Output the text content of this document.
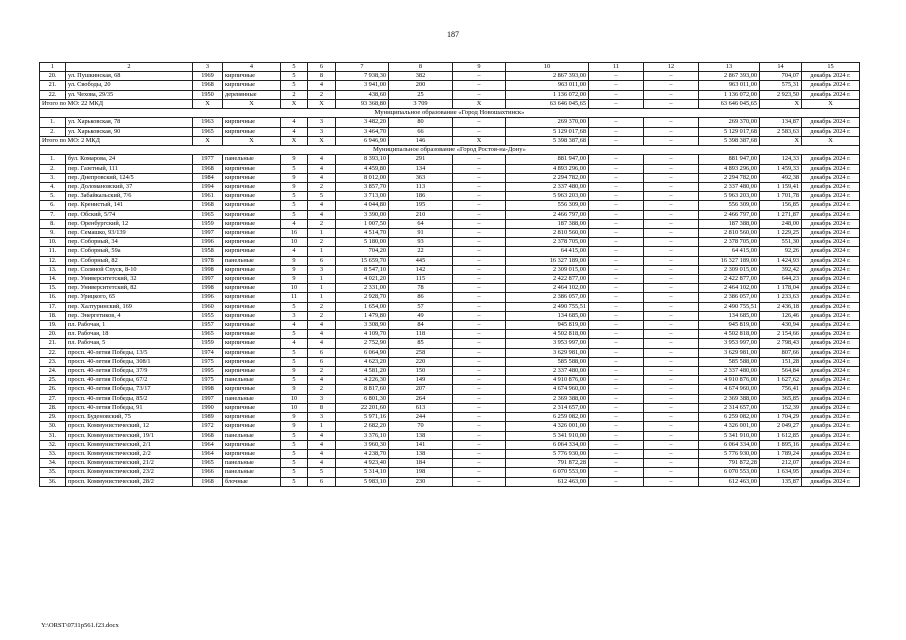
187
1	2	3	4	5	6	7	8	9	10	11	12	13	14	15
20.	ул. Пушкинская, 68	1969	кирпичные	5	8	7 938,30	382	–	2 867 393,00	–	–	2 867 393,00	704,07	декабрь 2024 г.
21.	ул. Свободы, 20	1968	кирпичные	5	4	3 941,00	200	–	963 011,00	–	–	963 011,00	575,31	декабрь 2024 г.
22.	ул. Чехова, 29/35	1950	деревянные	2	2	438,60	25	–	1 136 072,00	–	–	1 136 072,00	2 923,50	декабрь 2024 г.
Итого по МО: 22 МКД		X	X	X	X	93 368,80	3 709	X	63 646 045,65	–	–	63 646 045,65	X	X
Муниципальное образование «Город Новошахтинск»														
1.	ул. Харьковская, 78	1963	кирпичные	4	3	3 482,20	80	–	269 370,00	–	–	269 370,00	134,87	декабрь 2024 г.
2.	ул. Харьковская, 90	1965	кирпичные	4	3	3 464,70	66	–	5 129 017,68	–	–	5 129 017,68	2 583,63	декабрь 2024 г.
Итого по МО: 2 МКД		X	X	X	X	6 946,90	146	X	5 398 387,68	–	–	5 398 387,68	X	X
Муниципальное образование «Город Ростов-на-Дону»														
1.	бул. Комарова, 24	1977	панельные	9	4	8 393,10	291	–	881 947,00	–	–	881 947,00	124,33	декабрь 2024 г.
2.	пер. Газетный, 111	1968	кирпичные	5	4	4 459,80	134	–	4 893 296,00	–	–	4 893 296,00	1 459,33	декабрь 2024 г.
3.	пер. Днепровский, 124/5	1984	кирпичные	9	4	8 012,00	363	–	2 294 782,00	–	–	2 294 782,00	492,38	декабрь 2024 г.
4.	пер. Доломановский, 37	1994	кирпичные	9	2	3 857,70	113	–	2 337 480,00	–	–	2 337 480,00	1 159,41	декабрь 2024 г.
5.	пер. Забайкальский, 7/6	1961	кирпичные	5	5	3 713,00	186	–	5 963 203,00	–	–	5 963 203,00	1 701,78	декабрь 2024 г.
6.	пер. Кренистый, 141	1968	кирпичные	5	4	4 044,80	195	–	556 309,00	–	–	556 309,00	156,85	декабрь 2024 г.
7.	пер. Обский, 5/74	1965	кирпичные	5	4	3 390,00	210	–	2 466 797,00	–	–	2 466 797,00	1 271,87	декабрь 2024 г.
8.	пер. Оренбургский, 12	1959	кирпичные	4	2	1 007,50	64	–	187 388,00	–	–	187 388,00	248,00	декабрь 2024 г.
9.	пер. Семашко, 93/139	1997	кирпичные	16	1	4 514,70	91	–	2 810 560,00	–	–	2 810 560,00	1 229,25	декабрь 2024 г.
10.	пер. Соборный, 34	1996	кирпичные	10	2	5 180,00	93	–	2 378 705,00	–	–	2 378 705,00	551,30	декабрь 2024 г.
11.	пер. Соборный, 59а	1958	кирпичные	4	1	704,20	22	–	64 415,00	–	–	64 415,00	92,26	декабрь 2024 г.
12.	пер. Соборный, 82	1978	панельные	9	6	15 659,70	445	–	16 327 189,00	–	–	16 327 189,00	1 424,93	декабрь 2024 г.
13.	пер. Соляной Спуск, 8-10	1998	кирпичные	9	3	8 547,10	142	–	2 309 015,00	–	–	2 309 015,00	392,42	декабрь 2024 г.
14.	пер. Университетский, 32	1997	кирпичные	9	1	4 021,20	115	–	2 422 877,00	–	–	2 422 877,00	644,23	декабрь 2024 г.
15.	пер. Университетский, 82	1998	кирпичные	10	1	2 331,00	78	–	2 464 102,00	–	–	2 464 102,00	1 178,04	декабрь 2024 г.
16.	пер. Урицкого, 65	1996	кирпичные	11	1	2 928,70	86	–	2 386 057,00	–	–	2 386 057,00	1 233,63	декабрь 2024 г.
17.	пер. Халтуринский, 169	1960	кирпичные	5	2	1 654,00	57	–	2 490 755,51	–	–	2 490 755,51	2 436,18	декабрь 2024 г.
18.	пер. Энергетиков, 4	1955	кирпичные	3	2	1 479,80	49	–	134 685,00	–	–	134 685,00	126,46	декабрь 2024 г.
19.	пл. Рабочая, 1	1957	кирпичные	4	4	3 308,90	84	–	945 819,00	–	–	945 819,00	430,94	декабрь 2024 г.
20.	пл. Рабочая, 18	1965	кирпичные	5	4	4 109,70	118	–	4 502 818,00	–	–	4 502 818,00	2 154,66	декабрь 2024 г.
21.	пл. Рабочая, 5	1959	кирпичные	4	4	2 752,90	85	–	3 953 997,00	–	–	3 953 997,00	2 798,43	декабрь 2024 г.
22.	просп. 40-летия Победы, 13/5	1974	кирпичные	5	6	6 064,90	258	–	3 629 981,00	–	–	3 629 981,00	807,66	декабрь 2024 г.
23.	просп. 40-летия Победы, 308/1	1975	кирпичные	5	6	4 623,20	220	–	585 588,00	–	–	585 588,00	151,28	декабрь 2024 г.
24.	просп. 40-летия Победы, 37/9	1995	кирпичные	9	2	4 581,20	150	–	2 337 480,00	–	–	2 337 480,00	564,84	декабрь 2024 г.
25.	просп. 40-летия Победы, 67/2	1975	панельные	5	4	4 226,30	149	–	4 910 876,00	–	–	4 910 876,00	1 627,62	декабрь 2024 г.
26.	просп. 40-летия Победы, 73/17	1998	кирпичные	9	2	8 817,60	207	–	4 674 960,00	–	–	4 674 960,00	756,41	декабрь 2024 г.
27.	просп. 40-летия Победы, 85/2	1997	панельные	10	3	6 801,30	264	–	2 369 388,00	–	–	2 369 388,00	365,85	декабрь 2024 г.
28.	просп. 40-летия Победы, 91	1990	кирпичные	10	8	22 201,60	613	–	2 314 657,00	–	–	2 314 657,00	152,39	декабрь 2024 г.
29.	просп. Буденовский, 75	1989	кирпичные	9	3	5 971,16	244	–	6 259 082,00	–	–	6 259 082,00	1 704,29	декабрь 2024 г.
30.	просп. Коммунистический, 12	1972	кирпичные	9	1	2 682,20	70	–	4 326 001,00	–	–	4 326 001,00	2 049,27	декабрь 2024 г.
31.	просп. Коммунистический, 19/1	1968	панельные	5	4	3 376,10	138	–	5 341 910,00	–	–	5 341 910,00	1 612,85	декабрь 2024 г.
32.	просп. Коммунистический, 2/1	1964	кирпичные	5	4	3 960,30	141	–	6 064 334,00	–	–	6 064 334,00	1 895,16	декабрь 2024 г.
33.	просп. Коммунистический, 2/2	1964	кирпичные	5	4	4 238,70	138	–	5 776 930,00	–	–	5 776 930,00	1 789,24	декабрь 2024 г.
34.	просп. Коммунистический, 21/2	1965	панельные	5	4	4 923,40	184	–	791 872,28	–	–	791 872,28	212,07	декабрь 2024 г.
35.	просп. Коммунистический, 23/2	1966	панельные	5	5	5 314,10	198	–	6 070 553,00	–	–	6 070 553,00	1 634,95	декабрь 2024 г.
36.	просп. Коммунистический, 28/2	1968	блочные	5	6	5 983,10	230	–	612 463,00	–	–	612 463,00	135,87	декабрь 2024 г.
Y:\ORST\0731p561.f23.docx
